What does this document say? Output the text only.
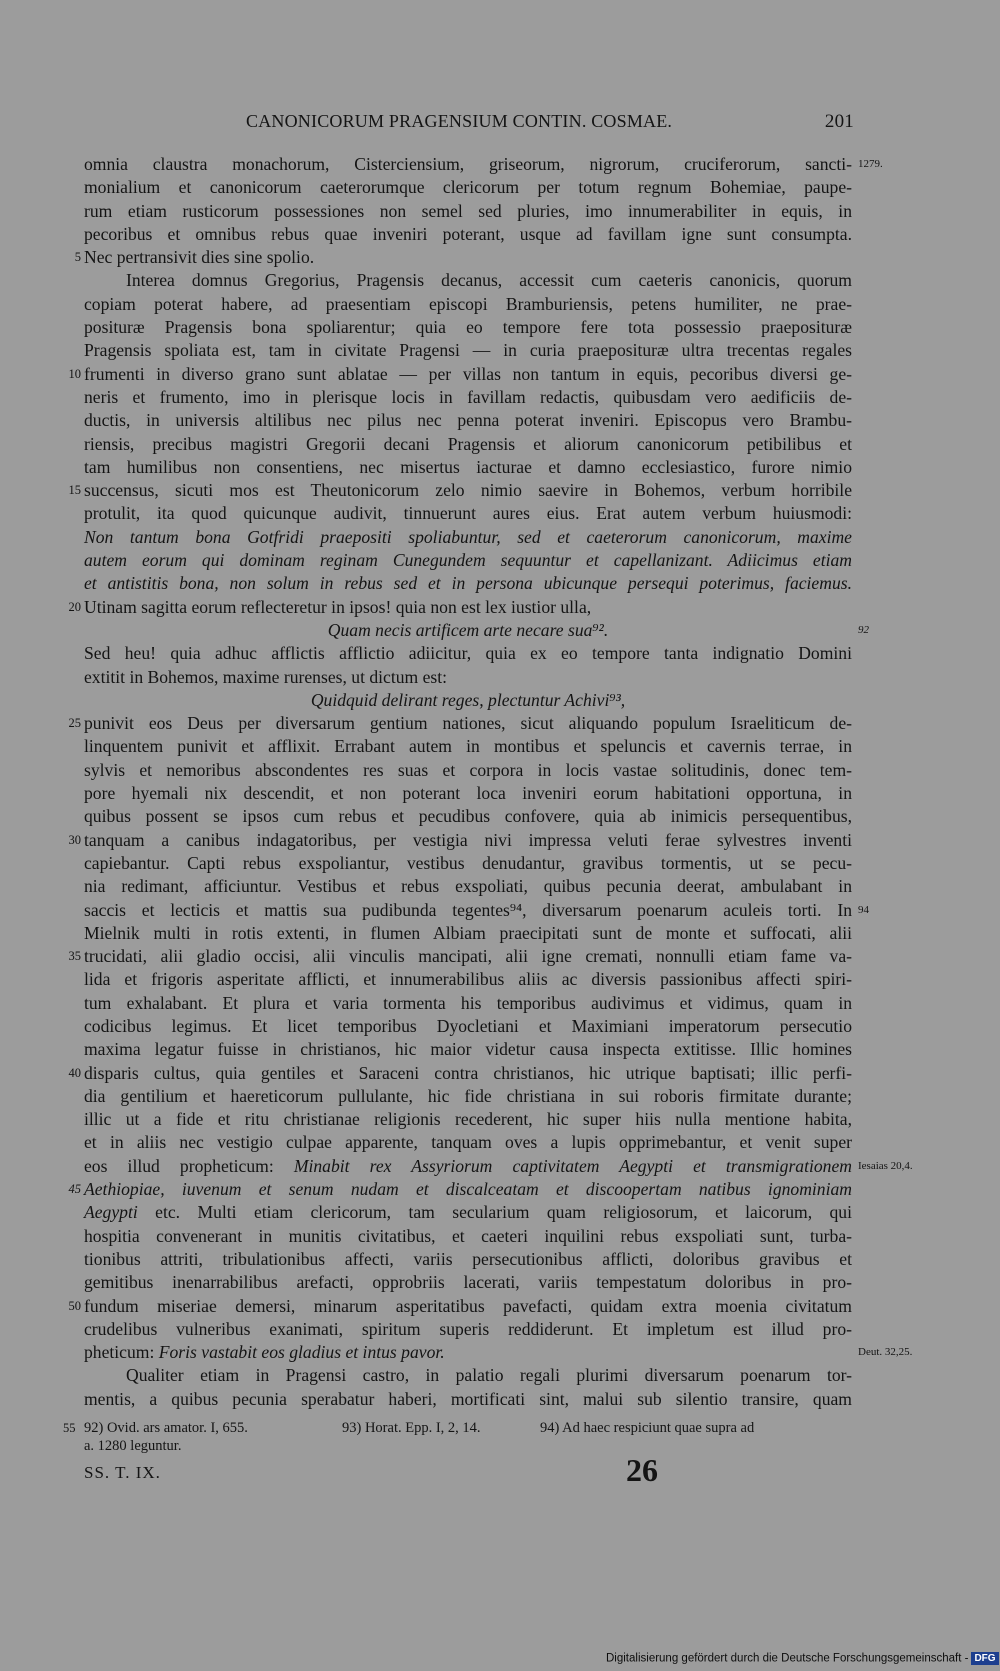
CANONICORUM PRAGENSIUM CONTIN. COSMAE.	201
omnia claustra monachorum, Cisterciensium, griseorum, nigrorum, cruciferorum, sancti- 1279.
monialium et canonicorum caeterorumque clericorum per totum regnum Bohemiae, paupe-
rum etiam rusticorum possessiones non semel sed pluries, imo innumerabiliter in equis, in
pecoribus et omnibus rebus quae inveniri poterant, usque ad favillam igne sunt consumpta.
5 Nec pertransivit dies sine spolio.
Interea domnus Gregorius, Pragensis decanus, accessit cum caeteris canonicis, quorum
copiam poterat habere, ad praesentiam episcopi Bramburiensis, petens humiliter, ne prae-
posituræ Pragensis bona spoliarentur; quia eo tempore fere tota possessio praeposituræ
Pragensis spoliata est, tam in civitate Pragensi — in curia praeposituræ ultra trecentas regales
10 frumenti in diverso grano sunt ablatae — per villas non tantum in equis, pecoribus diversi ge-
neris et frumento, imo in plerisque locis in favillam redactis, quibusdam vero aedificiis de-
ductis, in universis altilibus nec pilus nec penna poterat inveniri. Episcopus vero Brambu-
riensis, precibus magistri Gregorii decani Pragensis et aliorum canonicorum petibilibus et
tam humilibus non consentiens, nec misertus iacturae et damno ecclesiastico, furore nimio
15 succensus, sicuti mos est Theutonicorum zelo nimio saevire in Bohemos, verbum horribile
protulit, ita quod quicunque audivit, tinnuerunt aures eius. Erat autem verbum huiusmodi:
Non tantum bona Gotfridi praepositi spoliabuntur, sed et caeterorum canonicorum, maxime
autem eorum qui dominam reginam Cunegundem sequuntur et capellanizant. Adiicimus etiam
et antistitis bona, non solum in rebus sed et in persona ubicunque persequi poterimus, faciemus.
20 Utinam sagitta eorum reflecteretur in ipsos! quia non est lex iustior ulla,
Quam necis artificem arte necare sua⁹².	92
Sed heu! quia adhuc afflictis afflictio adiicitur, quia ex eo tempore tanta indignatio Domini
extitit in Bohemos, maxime rurenses, ut dictum est:
Quidquid delirant reges, plectuntur Achivi⁹³,
25 punivit eos Deus per diversarum gentium nationes, sicut aliquando populum Israeliticum de-
linquentem punivit et afflixit. Errabant autem in montibus et speluncis et cavernis terrae, in
sylvis et nemoribus abscondentes res suas et corpora in locis vastae solitudinis, donec tem-
pore hyemali nix descendit, et non poterant loca inveniri eorum habitationi opportuna, in
quibus possent se ipsos cum rebus et pecudibus confovere, quia ab inimicis persequentibus,
30 tanquam a canibus indagatoribus, per vestigia nivi impressa veluti ferae sylvestres inventi
capiebantur. Capti rebus exspoliantur, vestibus denudantur, gravibus tormentis, ut se pecu-
nia redimant, afficiuntur. Vestibus et rebus exspoliati, quibus pecunia deerat, ambulabant in
saccis et lecticis et mattis sua pudibunda tegentes⁹⁴, diversarum poenarum aculeis torti. In 94
Mielnik multi in rotis extenti, in flumen Albiam praecipitati sunt de monte et suffocati, alii
35 trucidati, alii gladio occisi, alii vinculis mancipati, alii igne cremati, nonnulli etiam fame va-
lida et frigoris asperitate afflicti, et innumerabilibus aliis ac diversis passionibus affecti spiri-
tum exhalabant. Et plura et varia tormenta his temporibus audivimus et vidimus, quam in
codicibus legimus. Et licet temporibus Dyocletiani et Maximiani imperatorum persecutio
maxima legatur fuisse in christianos, hic maior videtur causa inspecta extitisse. Illic homines
40 disparis cultus, quia gentiles et Saraceni contra christianos, hic utrique baptisati; illic perfi-
dia gentilium et haereticorum pullulante, hic fide christiana in sui roboris firmitate durante;
illic ut a fide et ritu christianae religionis recederent, hic super hiis nulla mentione habita,
et in aliis nec vestigio culpae apparente, tanquam oves a lupis opprimebantur, et venit super
eos illud propheticum: Minabit rex Assyriorum captivitatem Aegypti et transmigrationem Iesaias 20,4.
45 Aethiopiae, iuvenum et senum nudam et discalceatam et discoopertam natibus ignominiam
Aegypti etc. Multi etiam clericorum, tam secularium quam religiosorum, et laicorum, qui
hospitia convenerant in munitis civitatibus, et caeteri inquilini rebus exspoliati sunt, turba-
tionibus attriti, tribulationibus affecti, variis persecutionibus afflicti, doloribus gravibus et
gemitibus inenarrabilibus arefacti, opprobriis lacerati, variis tempestatum doloribus in pro-
50 fundum miseriae demersi, minarum asperitatibus pavefacti, quidam extra moenia civitatum
crudelibus vulneribus exanimati, spiritum superis reddiderunt. Et impletum est illud pro-
pheticum: Foris vastabit eos gladius et intus pavor.	Deut. 32,25.
Qualiter etiam in Pragensi castro, in palatio regali plurimi diversarum poenarum tor-
mentis, a quibus pecunia sperabatur haberi, mortificati sint, malui sub silentio transire, quam
55 92) Ovid. ars amator. I, 655.	93) Horat. Epp. I, 2, 14.	94) Ad haec respiciunt quae supra ad
a. 1280 leguntur.
SS. T. IX.	26
Digitalisierung gefördert durch die Deutsche Forschungsgemeinschaft - DFG
